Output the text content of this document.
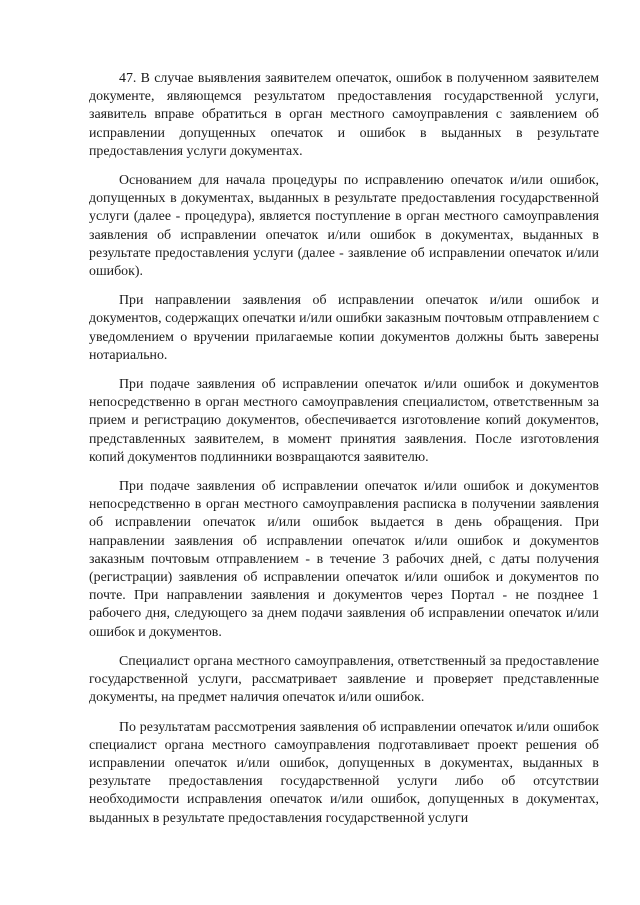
47. В случае выявления заявителем опечаток, ошибок в полученном заявителем документе, являющемся результатом предоставления государственной услуги, заявитель вправе обратиться в орган местного самоуправления с заявлением об исправлении допущенных опечаток и ошибок в выданных в результате предоставления услуги документах.

Основанием для начала процедуры по исправлению опечаток и/или ошибок, допущенных в документах, выданных в результате предоставления государственной услуги (далее - процедура), является поступление в орган местного самоуправления заявления об исправлении опечаток и/или ошибок в документах, выданных в результате предоставления услуги (далее - заявление об исправлении опечаток и/или ошибок).

При направлении заявления об исправлении опечаток и/или ошибок и документов, содержащих опечатки и/или ошибки заказным почтовым отправлением с уведомлением о вручении прилагаемые копии документов должны быть заверены нотариально.

При подаче заявления об исправлении опечаток и/или ошибок и документов непосредственно в орган местного самоуправления специалистом, ответственным за прием и регистрацию документов, обеспечивается изготовление копий документов, представленных заявителем, в момент принятия заявления. После изготовления копий документов подлинники возвращаются заявителю.

При подаче заявления об исправлении опечаток и/или ошибок и документов непосредственно в орган местного самоуправления расписка в получении заявления об исправлении опечаток и/или ошибок выдается в день обращения. При направлении заявления об исправлении опечаток и/или ошибок и документов заказным почтовым отправлением - в течение 3 рабочих дней, с даты получения (регистрации) заявления об исправлении опечаток и/или ошибок и документов по почте. При направлении заявления и документов через Портал - не позднее 1 рабочего дня, следующего за днем подачи заявления об исправлении опечаток и/или ошибок и документов.

Специалист органа местного самоуправления, ответственный за предоставление государственной услуги, рассматривает заявление и проверяет представленные документы, на предмет наличия опечаток и/или ошибок.

По результатам рассмотрения заявления об исправлении опечаток и/или ошибок специалист органа местного самоуправления подготавливает проект решения об исправлении опечаток и/или ошибок, допущенных в документах, выданных в результате предоставления государственной услуги либо об отсутствии необходимости исправления опечаток и/или ошибок, допущенных в документах, выданных в результате предоставления государственной услуги
